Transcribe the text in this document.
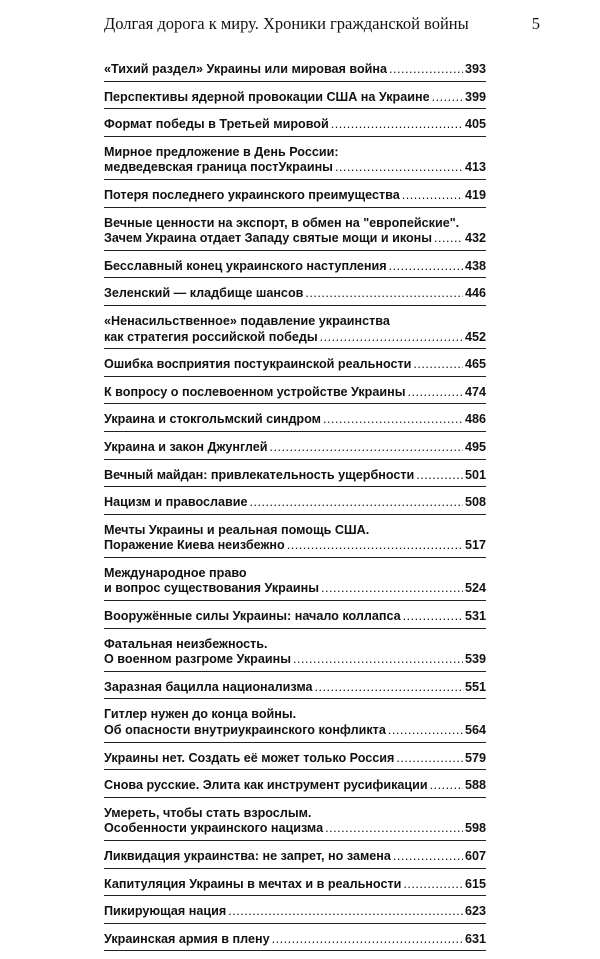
Долгая дорога к миру. Хроники гражданской войны	5
«Тихий раздел» Украины или мировая война .....	393
Перспективы ядерной провокации США на Украине .....	399
Формат победы в Третьей мировой .....	405
Мирное предложение в День России:
медведевская граница постУкраины .....	413
Потеря последнего украинского преимущества .....	419
Вечные ценности на экспорт, в обмен на "европейские".
Зачем Украина отдает Западу святые мощи и иконы .....	432
Бесславный конец украинского наступления .....	438
Зеленский — кладбище шансов .....	446
«Ненасильственное» подавление украинства
как стратегия российской победы .....	452
Ошибка восприятия постукраинской реальности .....	465
К вопросу о послевоенном устройстве Украины .....	474
Украина и стокгольмский синдром .....	486
Украина и закон Джунглей .....	495
Вечный майдан: привлекательность ущербности .....	501
Нацизм и православие .....	508
Мечты Украины и реальная помощь США.
Поражение Киева неизбежно .....	517
Международное право
и вопрос существования Украины .....	524
Вооружённые силы Украины: начало коллапса .....	531
Фатальная неизбежность.
О военном разгроме Украины .....	539
Заразная бацилла национализма .....	551
Гитлер нужен до конца войны.
Об опасности внутриукраинского конфликта .....	564
Украины нет. Создать её может только Россия .....	579
Снова русские. Элита как инструмент русификации .....	588
Умереть, чтобы стать взрослым.
Особенности украинского нацизма .....	598
Ликвидация украинства: не запрет, но замена .....	607
Капитуляция Украины в мечтах и в реальности .....	615
Пикирующая нация .....	623
Украинская армия в плену .....	631
